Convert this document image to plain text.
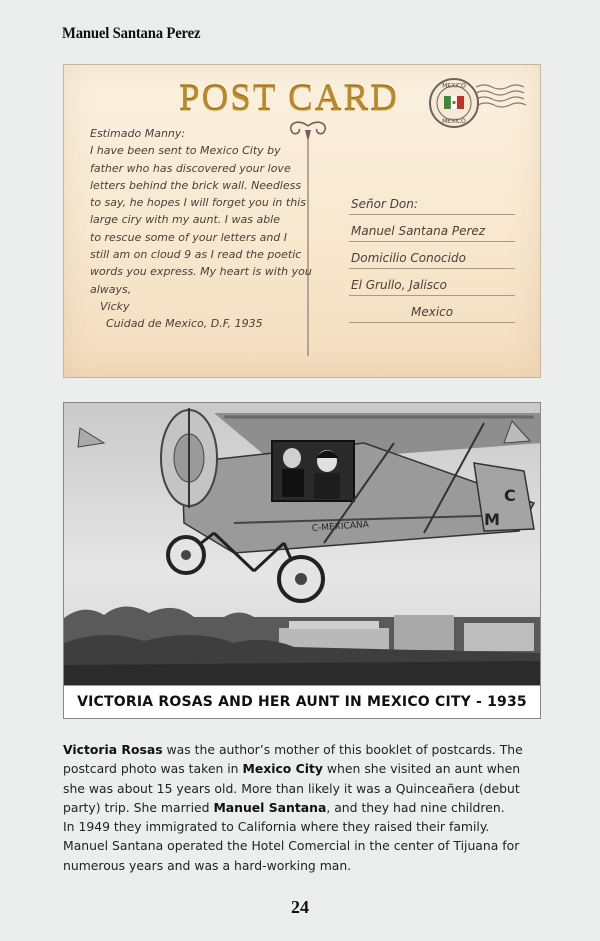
Manuel Santana Perez
POST CARD	MEXICO
MEXICO
Estimado Manny:
I have been sent to Mexico City by
father who has discovered your love
letters behind the brick wall. Needless
to say, he hopes I will forget you in this
large ciry with my aunt. I was able
to rescue some of your letters and I
still am on cloud 9 as I read the poetic
words you express. My heart is with you
always,
Vicky
Cuidad de Mexico, D.F, 1935
Señor Don:
Manuel Santana Perez
Domicilio Conocido
El Grullo, Jalisco
Mexico
C-MEXICANA
C
M
VICTORIA ROSAS AND HER AUNT IN MEXICO CITY - 1935
Victoria Rosas was the author’s mother of this booklet of postcards. The
postcard photo was taken in Mexico City when she visited an aunt when
she was about 15 years old. More than likely it was a Quinceañera (debut
party) trip. She married Manuel Santana, and they had nine children.
In 1949 they immigrated to California where they raised their family.
Manuel Santana operated the Hotel Comercial in the center of Tijuana for
numerous years and was a hard-working man.
24
